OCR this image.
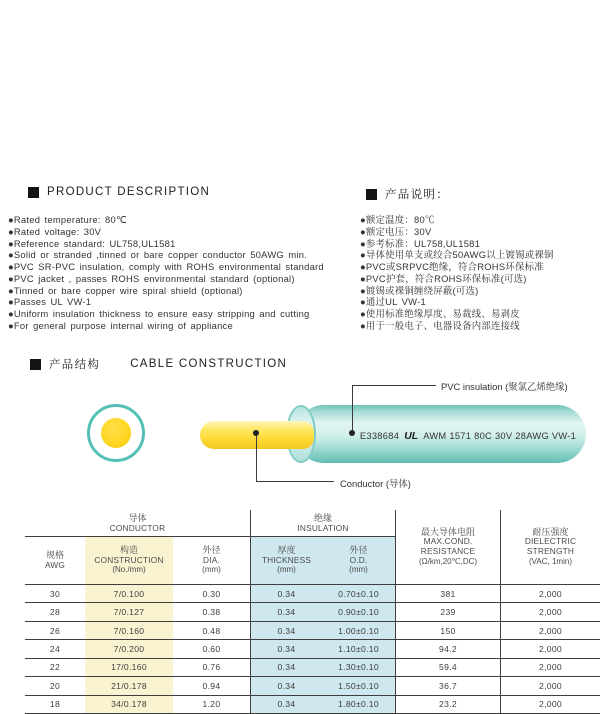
PRODUCT DESCRIPTION
●Rated temperature: 80℃
●Rated voltage: 30V
●Reference standard: UL758,UL1581
●Solid or stranded ,tinned or bare copper conductor 50AWG min.
●PVC SR-PVC insulation, comply with ROHS environmental standard
●PVC jacket , passes ROHS environmental standard (optional)
●Tinned or bare copper wire spiral shield (optional)
●Passes UL VW-1
●Uniform insulation thickness to ensure easy stripping and cutting
●For general purpose internal wiring of appliance
产品说明：
●额定温度：80℃
●额定电压：30V
●参考标准：UL758,UL1581
●导体使用单支或绞合50AWG以上镀锡或裸铜
●PVC或SRPVC绝缘，符合ROHS环保标准
●PVC护套，符合ROHS环保标准(可选)
●镀锡或裸铜缠绕屏蔽(可选)
●通过UL VW-1
●使用标准绝缘厚度、易裁线、易剥皮
●用于一般电子、电器设备内部连接线
产品结构	CABLE CONSTRUCTION
E338684 UL AWM 1571 80C 30V 28AWG VW-1
PVC insulation (聚氯乙烯绝缘)
Conductor (导体)
导体
CONDUCTOR
绝缘
INSULATION	最大导体电阻
MAX.COND.
RESISTANCE
(Ω/km,20℃,DC)
耐压强度
DIELECTRIC
STRENGTH
(VAC, 1min)
规格
AWG
构造
CONSTRUCTION
(No./mm)
外径
DIA.
(mm)
厚度
THICKNESS
(mm)
外径
O.D.
(mm)
30	7/0.100	0.30	0.34	0.70±0.10	381	2,000
28	7/0.127	0.38	0.34	0.90±0.10	239	2,000
26	7/0.160	0.48	0.34	1.00±0.10	150	2,000
24	7/0.200	0.60	0.34	1.10±0.10	94.2	2,000
22	17/0.160	0.76	0.34	1.30±0.10	59.4	2,000
20	21/0.178	0.94	0.34	1.50±0.10	36.7	2,000
18	34/0.178	1.20	0.34	1.80±0.10	23.2	2,000
